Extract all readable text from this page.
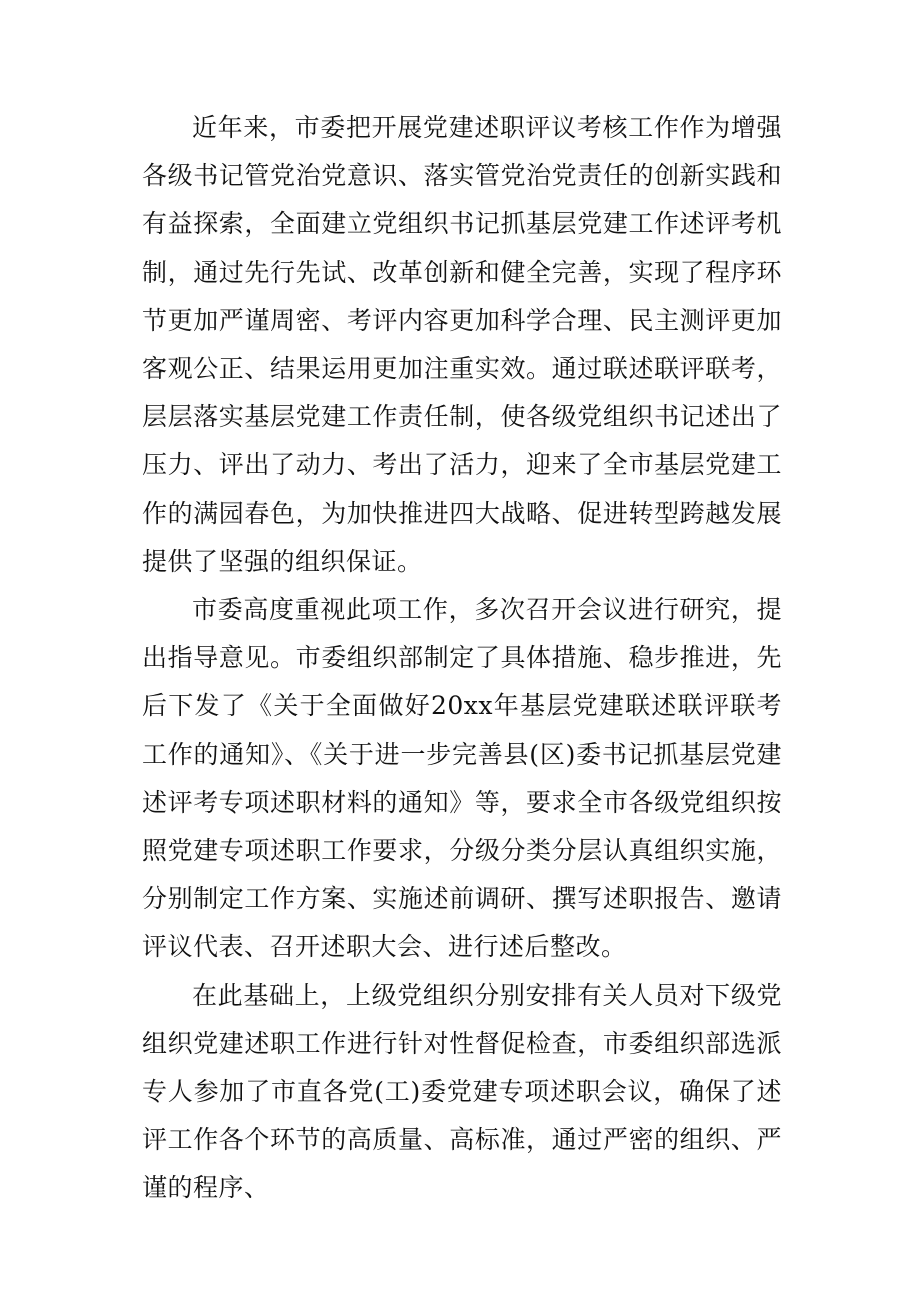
近年来，市委把开展党建述职评议考核工作作为增强各级书记管党治党意识、落实管党治党责任的创新实践和有益探索，全面建立党组织书记抓基层党建工作述评考机制，通过先行先试、改革创新和健全完善，实现了程序环节更加严谨周密、考评内容更加科学合理、民主测评更加客观公正、结果运用更加注重实效。通过联述联评联考，层层落实基层党建工作责任制，使各级党组织书记述出了压力、评出了动力、考出了活力，迎来了全市基层党建工作的满园春色，为加快推进四大战略、促进转型跨越发展提供了坚强的组织保证。

市委高度重视此项工作，多次召开会议进行研究，提出指导意见。市委组织部制定了具体措施、稳步推进，先后下发了《关于全面做好20xx年基层党建联述联评联考工作的通知》、《关于进一步完善县(区)委书记抓基层党建述评考专项述职材料的通知》等，要求全市各级党组织按照党建专项述职工作要求，分级分类分层认真组织实施，分别制定工作方案、实施述前调研、撰写述职报告、邀请评议代表、召开述职大会、进行述后整改。

在此基础上，上级党组织分别安排有关人员对下级党组织党建述职工作进行针对性督促检查，市委组织部选派专人参加了市直各党(工)委党建专项述职会议，确保了述评工作各个环节的高质量、高标准，通过严密的组织、严谨的程序、
